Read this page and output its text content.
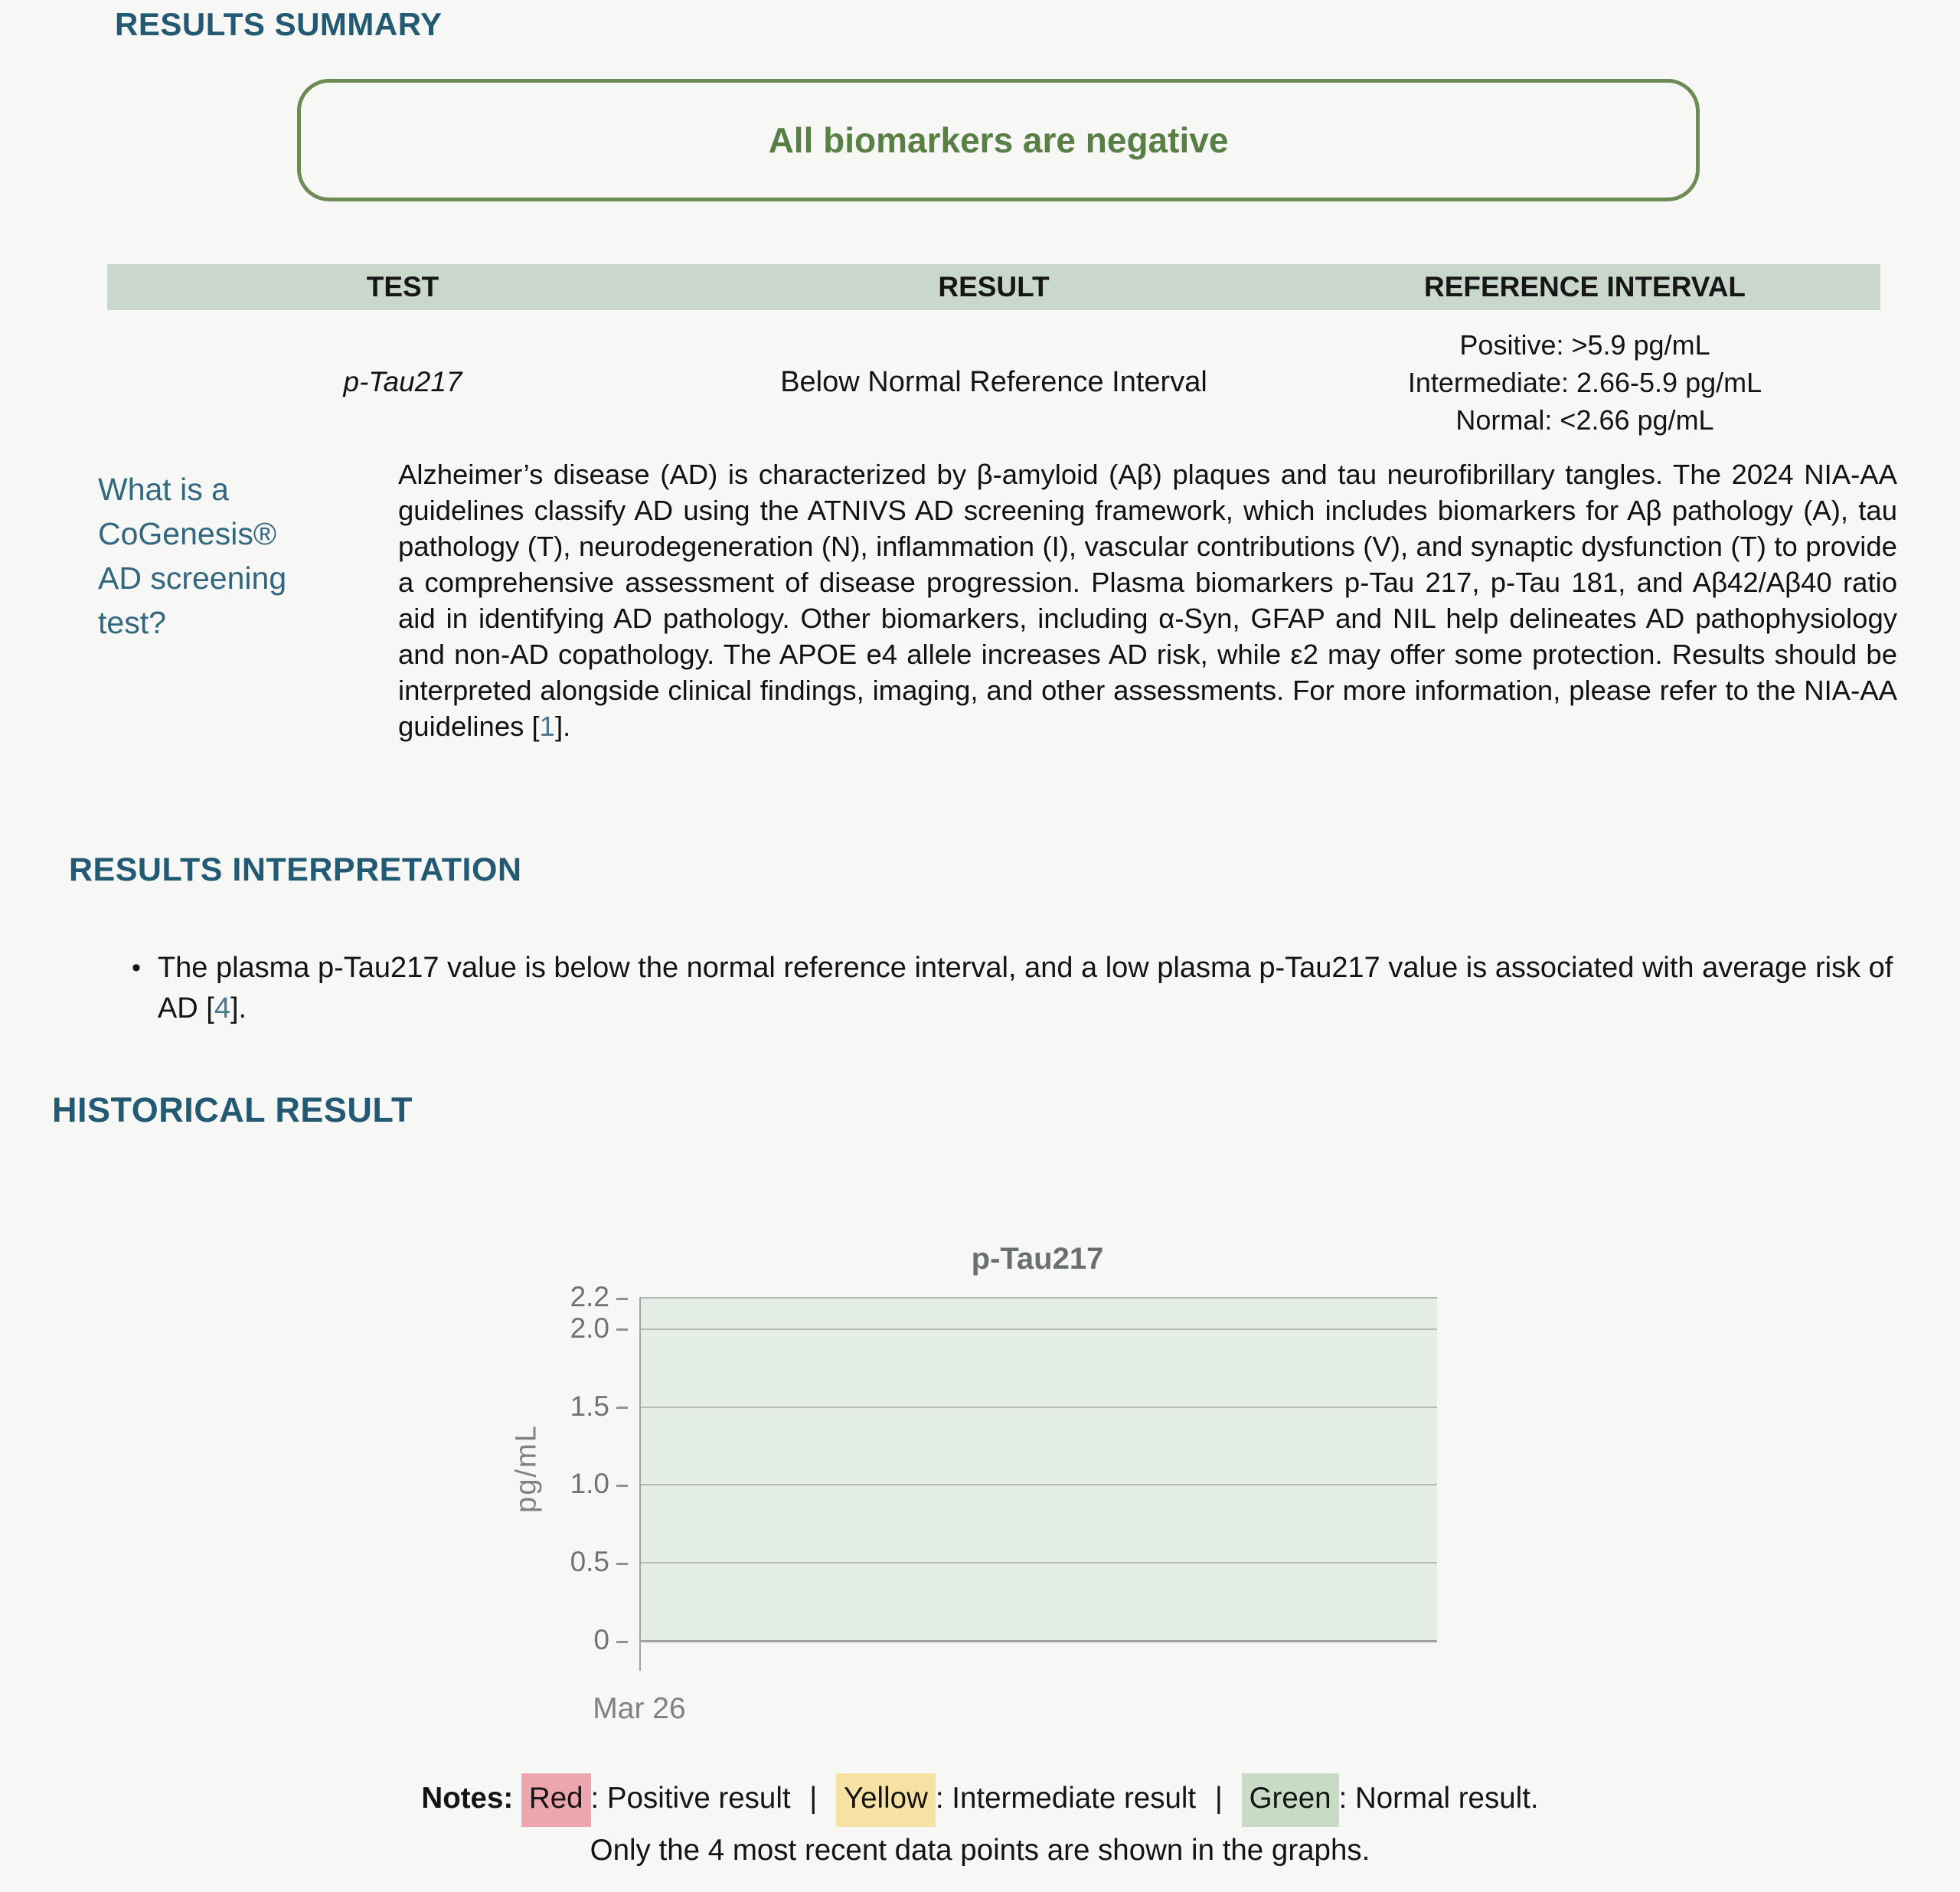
RESULTS SUMMARY
All biomarkers are negative
TEST	RESULT	REFERENCE INTERVAL
p-Tau217	Below Normal Reference Interval
Positive: >5.9 pg/mL
Intermediate: 2.66-5.9 pg/mL
Normal: <2.66 pg/mL
What is a CoGenesis® AD screening test?
Alzheimer’s disease (AD) is characterized by β-amyloid (Aβ) plaques and tau neurofibrillary tangles. The 2024 NIA-AA guidelines classify AD using the ATNIVS AD screening framework, which includes biomarkers for Aβ pathology (A), tau pathology (T), neurodegeneration (N), inflammation (I), vascular contributions (V), and synaptic dysfunction (T) to provide a comprehensive assessment of disease progression. Plasma biomarkers p-Tau 217, p-Tau 181, and Aβ42/Aβ40 ratio aid in identifying AD pathology. Other biomarkers, including α-Syn, GFAP and NIL help delineates AD pathophysiology and non-AD copathology. The APOE e4 allele increases AD risk, while ε2 may offer some protection. Results should be interpreted alongside clinical findings, imaging, and other assessments. For more information, please refer to the NIA-AA guidelines [1].
RESULTS INTERPRETATION
• The plasma p-Tau217 value is below the normal reference interval, and a low plasma p-Tau217 value is associated with average risk of AD [4].
HISTORICAL RESULT
p-Tau217
pg/mL
2.2
2.0
1.5
1.0
0.5
0
Mar 26
Notes: Red : Positive result | Yellow : Intermediate result | Green : Normal result.
Only the 4 most recent data points are shown in the graphs.
